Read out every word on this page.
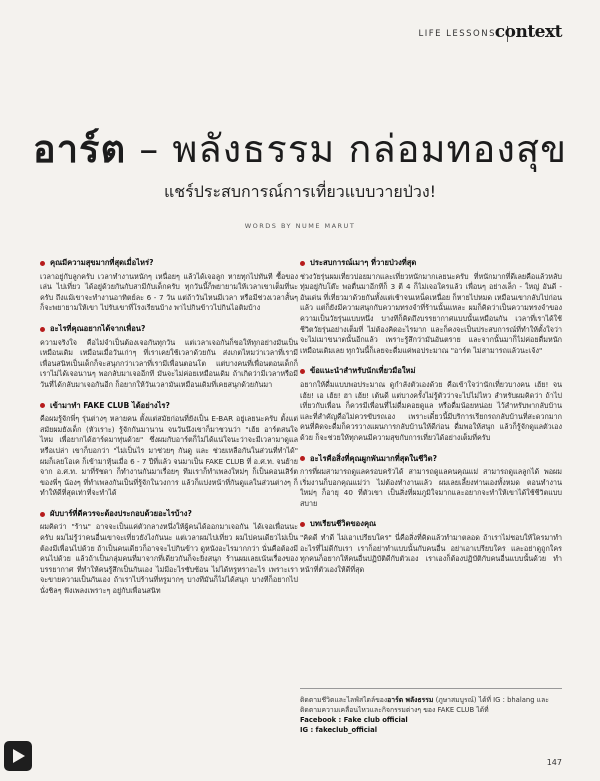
LIFE LESSONS
context
อาร์ต – พลังธรรม กล่อมทองสุข
แชร์ประสบการณ์การเที่ยวแบบวายป่วง!
WORDS BY NUME MARUT
คุณมีความสุขมากที่สุดเมื่อไหร่?

เวลาอยู่กับลูกครับ เวลาทำงานหนักๆ เหนื่อยๆ แล้วได้เจอลูก หายทุกไปทันที ซื้อของเล่น ไปเที่ยว ได้อยู่ด้วยกันกับสามีกับเด็กครับ ทุกวันนี้ก็พยายามให้เวลาเขาเต็มที่นะครับ ถึงแม้เขาจะทำงานอาทิตย์ละ 6 - 7 วัน แต่ถ้าวันไหนมีเวลา หรือมีช่วงเวลาสั้นๆ ก็จะพยายามให้เขา ไปรับเขาที่โรงเรียนบ้าง พาไปกินข้าวไปกินไอติมบ้าง

อะไรที่คุณอยากได้จากเพื่อน?

ความจริงใจ คือไม่จำเป็นต้องเจอกันทุกวัน แต่เวลาเจอกันก็ขอให้ทุกอย่างมันเป็นเหมือนเดิม เหมือนเมื่อวันเก่าๆ ที่เราเคยใช้เวลาด้วยกัน ส่งเกตไหมว่าเวลาที่เรามีเพื่อนสนิทเป็นเด็กก็จะสนุกกว่าเวลาที่เรามีเพื่อนตอนโต แต่บางคนที่เพื่อนตอนเด็กก็เราไม่ได้เจอนานๆ พอกลับมาเจออีกที มันจะไม่ค่อยเหมือนเดิม ถ้าเกิดว่ามีเวลาหรือมีวันที่ได้กลับมาเจอกันอีก ก็อยากให้วันเวลามันเหมือนเดิมที่เคยสนุกด้วยกันมา

เข้ามาทำ FAKE CLUB ได้อย่างไร?

คือผมรู้จักพี่ๆ รุ่นต่างๆ หลายคน ตั้งแต่สมัยก่อนที่ยังเป็น E-BAR อยู่เลยนะครับ ตั้งแต่สมัยผมยังเด็ก (หัวเราะ) รู้จักกันมานาน จนวันนึงเขาก็มาชวนว่า "เฮ้ย อาร์ตสนใจไหม เพื่อยากได้ฮาร์ดมาทุ่นด้วย" ซึ่งผมกับอาร์ตก็ไม่ได้แน่ใจนะว่าจะมีเวลามาดูแลหรือเปล่า เขาก็บอกว่า "ไม่เป็นไร มาช่วยๆ กันดู และ ช่วยเหลือกันในส่วนที่ทำได้" ผมก็เลยโอเค ก็เข้ามาหุ้นเมื่อ 6 - 7 ปีที่แล้ว จนมาเป็น FAKE CLUB ที่ อ.ศ.ท. จนย้ายจาก อ.ศ.ท. มาที่รัชดา ก็ทำงานกันมาเรื่อยๆ ทีมเราก็ทำเพลงใหม่ๆ ก็เป็นคอนเสิร์ตของพี่ๆ น้องๆ ที่ทำเพลงกันเป็นที่รู้จักในวงการ แล้วก็แบ่งหน้าที่กันดูแลในส่วนต่างๆ ก็ทำให้ดีที่สุดเท่าที่จะทำได้

ผับบาร์ที่ดีควรจะต้องประกอบด้วยอะไรบ้าง?

ผมคิดว่า "ร้าน" อาจจะเป็นแค่ตัวกลางหนึ่งให้ผู้คนได้ออกมาเจอกัน ได้เจอเพื่อนนะครับ ผมไม่รู้ว่าคนอื่นเขาจะเที่ยวยังไงกันนะ แต่เวลาผมไปเที่ยว ผมไปคนเดียวไม่เป็น ต้องมีเพื่อนไปด้วย ถ้าเป็นคนเดียวก็อาจจะไปกินข้าว ดูหนังอะไรมากกว่า นั่นคือต้องมีคนไปด้วย แล้วถ้าเป็นกลุ่มคนที่มาจากที่เดียวกันก็จะยิ่งสนุก ร้านผมเลยเน้นเรื่องของบรรยากาศ ที่ทำให้คนรู้สึกเป็นกันเอง ไม่มีอะไรซับซ้อน ไม่ได้หรูหราอะไร เพราะเราจะขายความเป็นกันเอง ถ้าเราไปร้านที่หรูมากๆ บางทีมันก็ไม่ได้สนุก บางทีก็อยากไปนั่งชิลๆ ฟังเพลงเพราะๆ อยู่กับเพื่อนสนิท

ประสบการณ์เมาๆ ที่วายป่วงที่สุด

ช่วงวัยรุ่นผมเที่ยวบ่อยมากและเที่ยวหนักมากเลยนะครับ ที่หนักมากที่ดีเลยคือแล้วหลับทุ่มอยู่กับโต๊ะ พอตื่นมาอีกทีก็ 3 ตี 4 ก็ไม่เจอใครแล้ว เพื่อนๆ อย่างเล็ก - ใหญ่ อันดี - อันเด่น ที่เที่ยวมาด้วยกันทั้งแต่เช้าจนเหน็ดเหนื่อย ก็หายไปหมด เหมือนเขากลับไปก่อนแล้ว แต่ก็ยังมีความสนุกกับความทรงจำที่ร้านนั้นแหละ ผมก็คิดว่าเป็นความทรงจำของความเป็นวัยรุ่นแบบหนึ่ง บางทีก็คิดถึงบรรยากาศแบบนั้นเหมือนกัน เวลาที่เราได้ใช้ชีวิตวัยรุ่นอย่างเต็มที่ ไม่ต้องคิดอะไรมาก และก็คงจะเป็นประสบการณ์ที่ทำให้ตั้งใจว่าจะไม่เมาขนาดนั้นอีกแล้ว เพราะรู้สึกว่ามันอันตราย และจากนั้นมาก็ไม่ค่อยดื่มหนักเหมือนเดิมเลย ทุกวันนี้ก็เลยจะดื่มแค่พอประมาณ "อาร์ต ไม่สามารถแล้วนะเจ้ง"

ข้อแนะนำสำหรับนักเที่ยวมือใหม่

อยากให้ดื่มแบบพอประมาณ ดูกำลังตัวเองด้วย คือเข้าใจว่านักเที่ยวบางคน เฮ้ย! จน เฮ้ย! เอ เฮ้ย! ฮา เฮ้ย! เต้นดี แต่บางครั้งไม่รู้ตัวว่าจะไปไม่ไหว สำหรับผมคิดว่า ถ้าไปเที่ยวกับเพื่อน ก็ควรมีเพื่อนที่ไม่ดื่มคอยดูแล หรือดื่มน้อยหน่อย ไว้สำหรับพากลับบ้าน และที่สำคัญคือไม่ควรขับรถเอง เพราะเดี๋ยวนี้มีบริการเรียกรถกลับบ้านที่สะดวกมาก คนที่คิดจะดื่มก็ควรวางแผนการกลับบ้านให้ดีก่อน ดื่มพอให้สนุก แล้วก็รู้จักดูแลตัวเองด้วย ก็จะช่วยให้ทุกคนมีความสุขกับการเที่ยวได้อย่างเต็มที่ครับ

อะไรคือสิ่งที่คุณผูกพันมากที่สุดในชีวิต?

การที่ผมสามารถดูแลครอบครัวได้ สามารถดูแลคนคุณแม่ สามารถดูแลลูกได้ พอผมเริ่มงานก็บอกคุณแม่ว่า ไม่ต้องทำงานแล้ว ผมเลยเลี้ยงท่านเองทั้งหมด ตอนทำงานใหม่ๆ ก็อายุ 40 ที่ตัวเขา เป็นสิ่งที่ผมภูมิใจมากและอยากจะทำให้เขาได้ใช้ชีวิตแบบสบาย

บทเรียนชีวิตของคุณ

"คิดดี ทำดี ไม่เอาเปรียบใคร" นี่คือสิ่งที่คิดแล้วทำมาตลอด ถ้าเราไม่ชอบให้ใครมาทำอะไรที่ไม่ดีกับเรา เราก็อย่าทำแบบนั้นกับคนอื่น อย่าเอาเปรียบใคร และอย่าดูถูกใคร ทุกคนก็อยากให้คนอื่นปฏิบัติดีกับตัวเอง เราเองก็ต้องปฏิบัติกับคนอื่นแบบนั้นด้วย ทำหน้าที่ตัวเองให้ดีที่สุด

ติดตามชีวิตและไลฟ์สไตล์ของอาร์ต พลังธรรม (ภูษาสมบูรณ์) ได้ที่ IG : bhalang และติดตามความเคลื่อนไหวและกิจกรรมต่างๆ ของ FAKE CLUB ได้ที่

Facebook : Fake club official

IG : fakeclub_official

147
